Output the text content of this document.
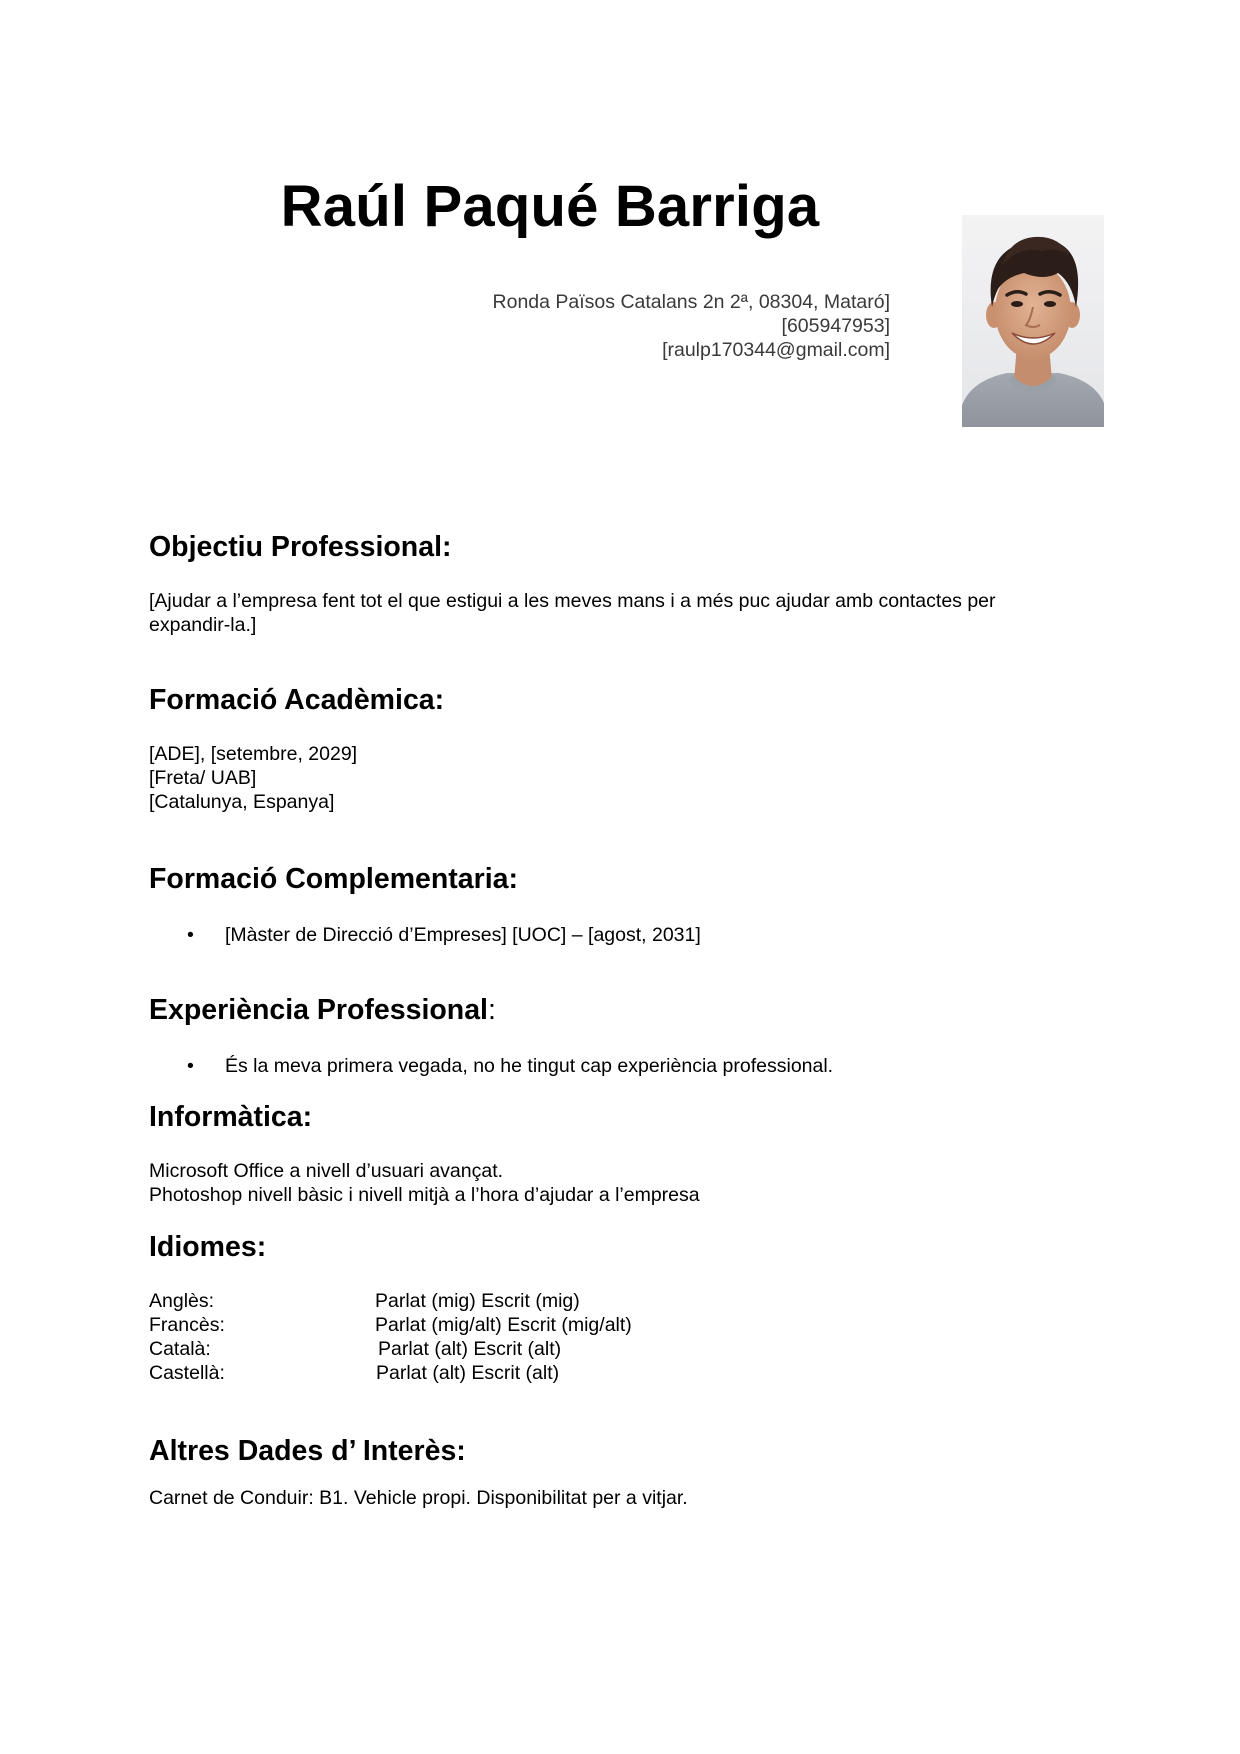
Raúl Paqué Barriga
Ronda Països Catalans 2n 2ª, 08304, Mataró]
[605947953]
[raulp170344@gmail.com]
Objectiu Professional:
[Ajudar a l’empresa fent tot el que estigui a les meves mans i a més puc ajudar amb contactes per expandir-la.]
Formació Acadèmica:
[ADE], [setembre, 2029]
[Freta/ UAB]
[Catalunya, Espanya]
Formació Complementaria:
• [Màster de Direcció d’Empreses] [UOC] – [agost, 2031]
Experiència Professional:
• És la meva primera vegada, no he tingut cap experiència professional.
Informàtica:
Microsoft Office a nivell d’usuari avançat.
Photoshop nivell bàsic i nivell mitjà a l’hora d’ajudar a l’empresa
Idiomes:
Anglès:	Parlat (mig) Escrit (mig)
Francès:	Parlat (mig/alt) Escrit (mig/alt)
Català:	Parlat (alt) Escrit (alt)
Castellà:	Parlat (alt) Escrit (alt)
Altres Dades d’ Interès:
Carnet de Conduir: B1. Vehicle propi. Disponibilitat per a vitjar.
